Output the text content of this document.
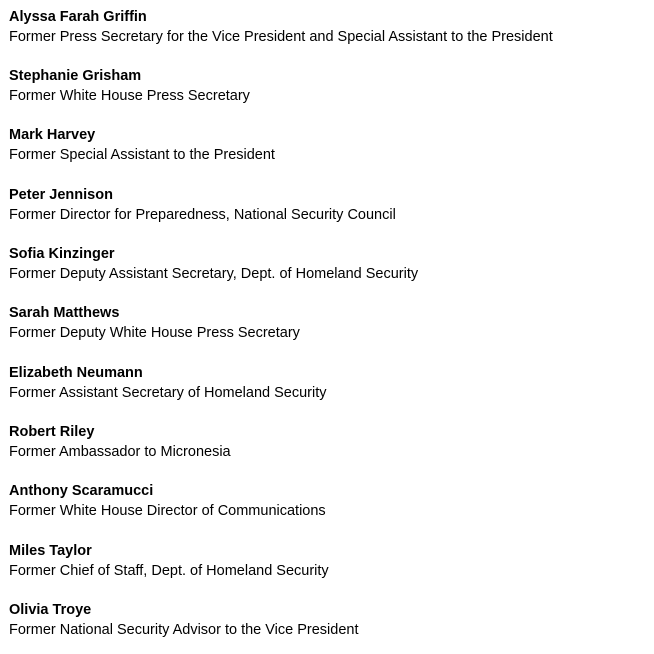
Alyssa Farah Griffin
Former Press Secretary for the Vice President and Special Assistant to the President
Stephanie Grisham
Former White House Press Secretary
Mark Harvey
Former Special Assistant to the President
Peter Jennison
Former Director for Preparedness, National Security Council
Sofia Kinzinger
Former Deputy Assistant Secretary, Dept. of Homeland Security
Sarah Matthews
Former Deputy White House Press Secretary
Elizabeth Neumann
Former Assistant Secretary of Homeland Security
Robert Riley
Former Ambassador to Micronesia
Anthony Scaramucci
Former White House Director of Communications
Miles Taylor
Former Chief of Staff, Dept. of Homeland Security
Olivia Troye
Former National Security Advisor to the Vice President
